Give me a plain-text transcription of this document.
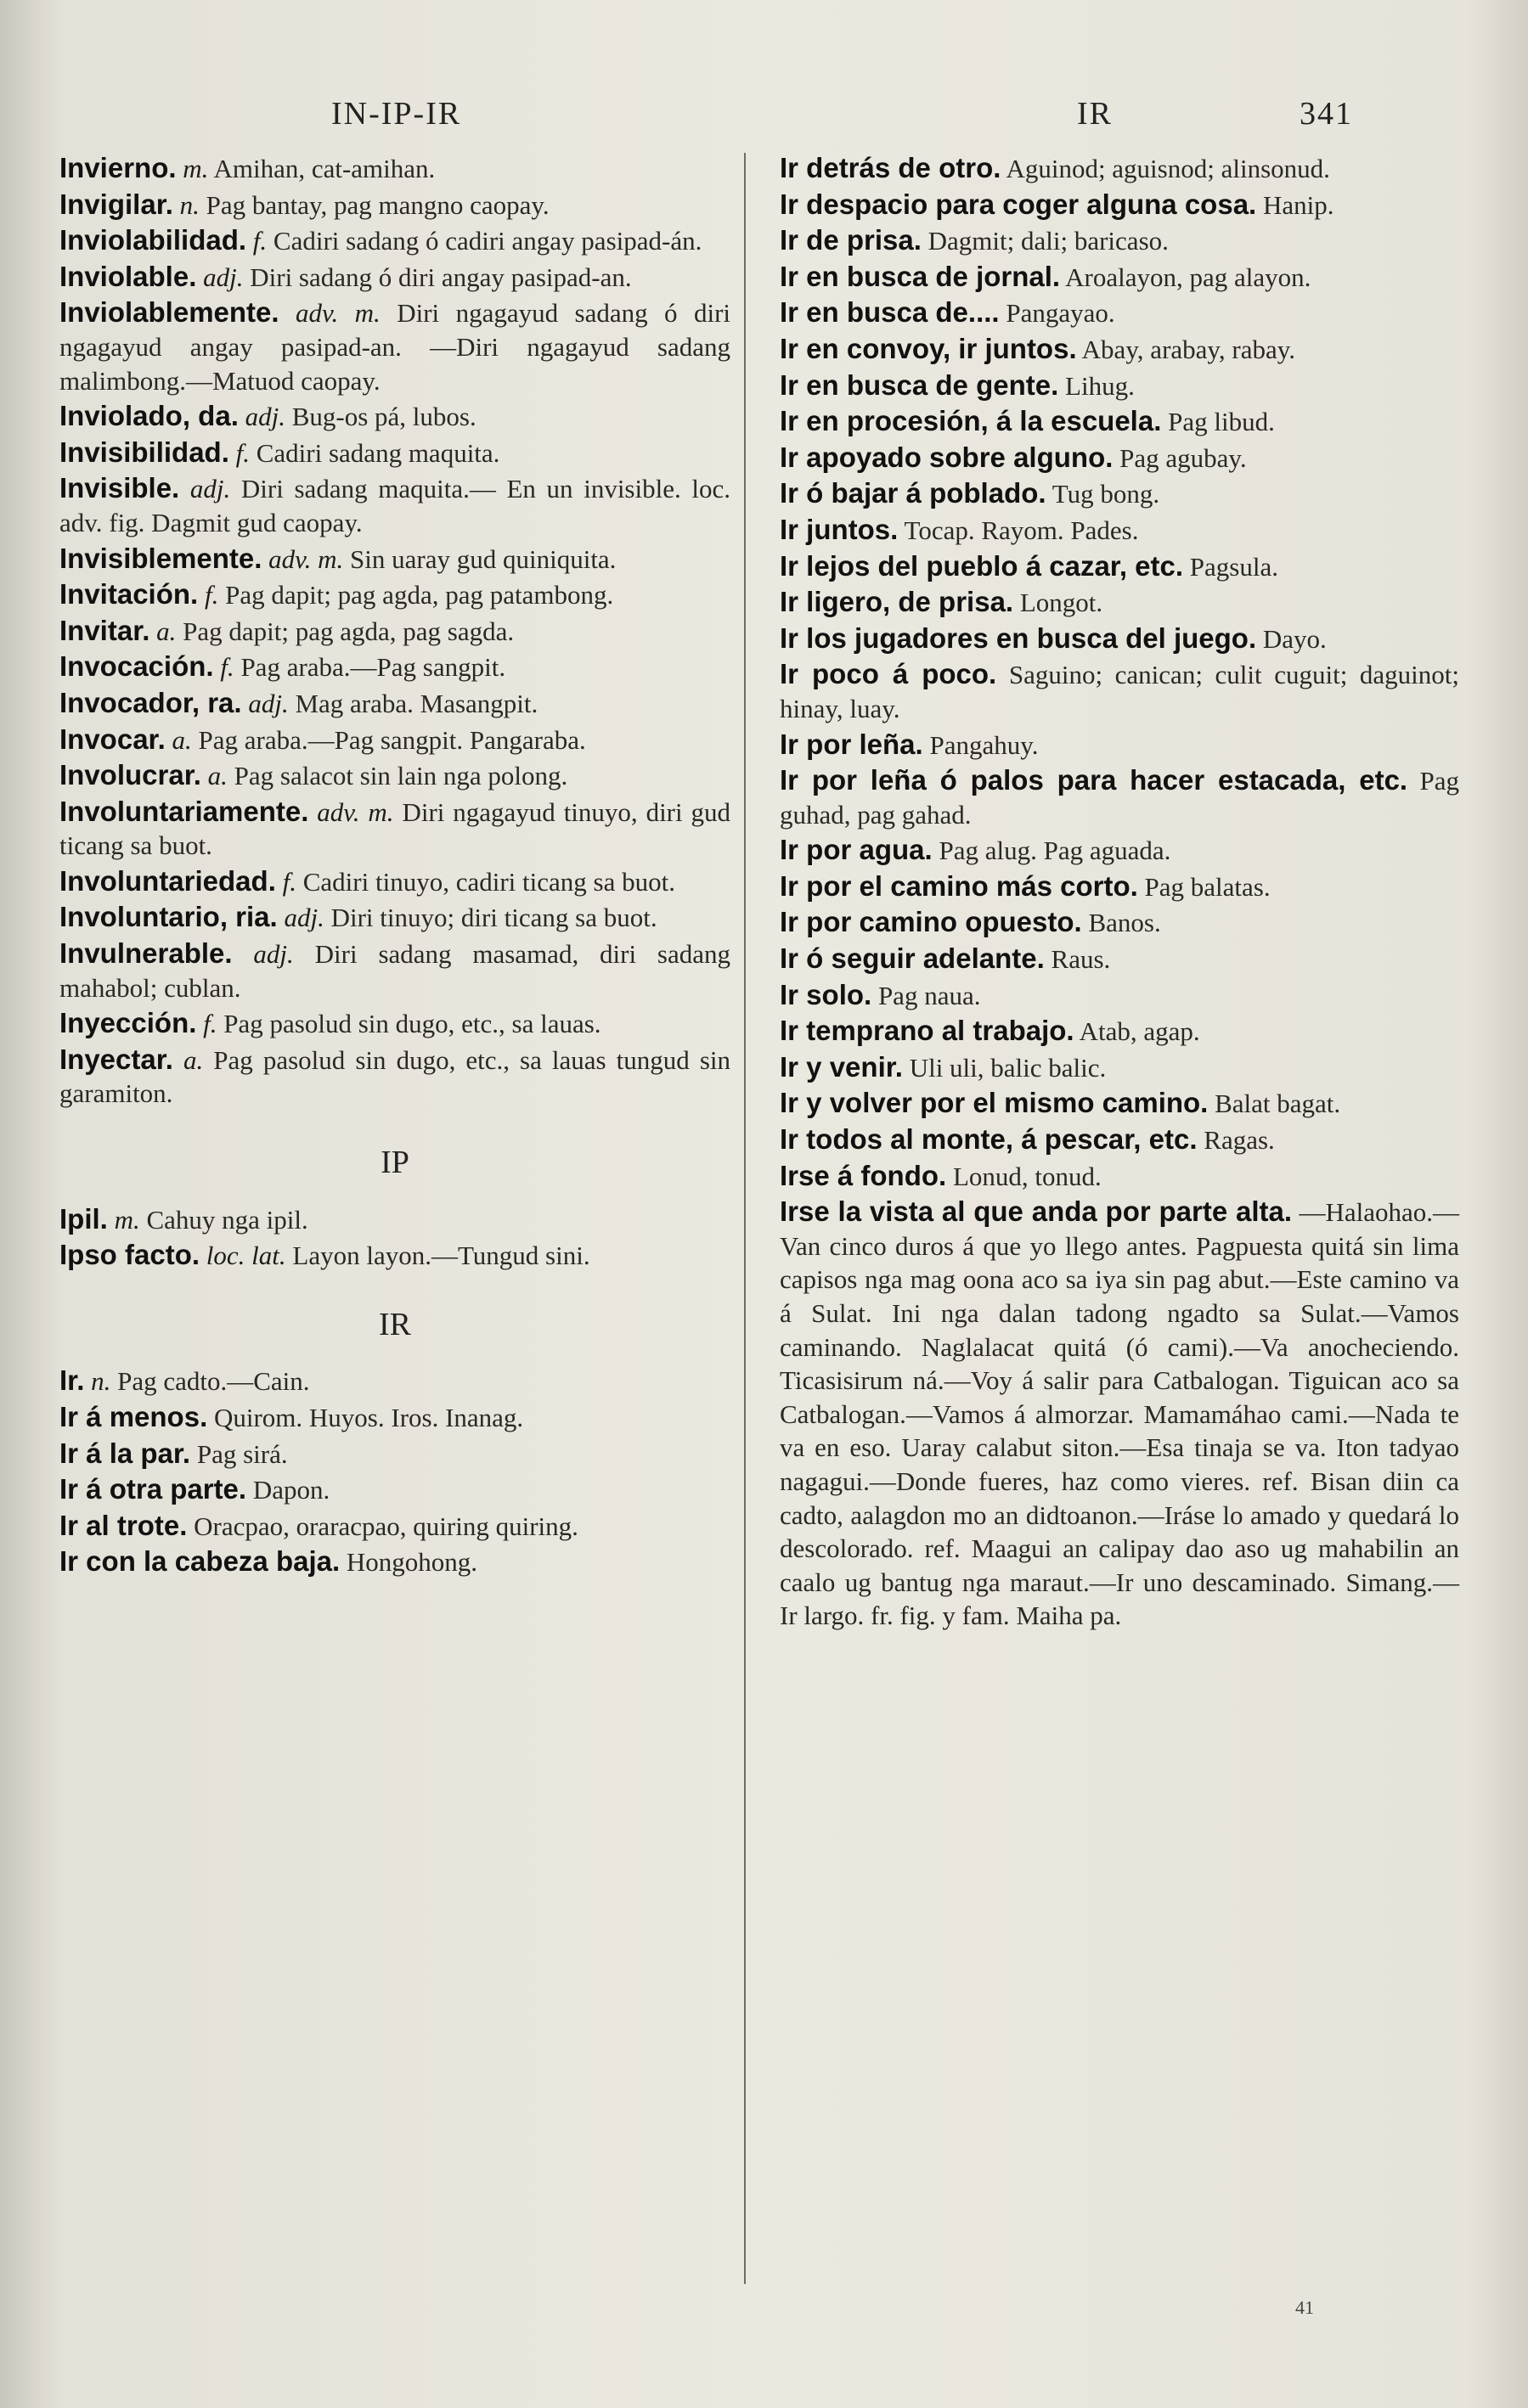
IN-IP-IR	IR	341
Invierno. m. Amihan, cat-amihan.
Invigilar. n. Pag bantay, pag mangno caopay.
Inviolabilidad. f. Cadiri sadang ó cadiri angay pasipad-án.
Inviolable. adj. Diri sadang ó diri angay pasipad-an.
Inviolablemente. adv. m. Diri ngagayud sadang ó diri ngagayud angay pasipad-an. —Diri ngagayud sadang malimbong.—Matuod caopay.
Inviolado, da. adj. Bug-os pá, lubos.
Invisibilidad. f. Cadiri sadang maquita.
Invisible. adj. Diri sadang maquita.— En un invisible. loc. adv. fig. Dagmit gud caopay.
Invisiblemente. adv. m. Sin uaray gud quiniquita.
Invitación. f. Pag dapit; pag agda, pag patambong.
Invitar. a. Pag dapit; pag agda, pag sagda.
Invocación. f. Pag araba.—Pag sangpit.
Invocador, ra. adj. Mag araba. Masangpit.
Invocar. a. Pag araba.—Pag sangpit. Pangaraba.
Involucrar. a. Pag salacot sin lain nga polong.
Involuntariamente. adv. m. Diri ngagayud tinuyo, diri gud ticang sa buot.
Involuntariedad. f. Cadiri tinuyo, cadiri ticang sa buot.
Involuntario, ria. adj. Diri tinuyo; diri ticang sa buot.
Invulnerable. adj. Diri sadang masamad, diri sadang mahabol; cublan.
Inyección. f. Pag pasolud sin dugo, etc., sa lauas.
Inyectar. a. Pag pasolud sin dugo, etc., sa lauas tungud sin garamiton.
IP
Ipil. m. Cahuy nga ipil.
Ipso facto. loc. lat. Layon layon.—Tungud sini.
IR
Ir. n. Pag cadto.—Cain.
Ir á menos. Quirom. Huyos. Iros. Inanag.
Ir á la par. Pag sirá.
Ir á otra parte. Dapon.
Ir al trote. Oracpao, oraracpao, quiring quiring.
Ir con la cabeza baja. Hongohong.
Ir detrás de otro. Aguinod; aguisnod; alinsonud.
Ir despacio para coger alguna cosa. Hanip.
Ir de prisa. Dagmit; dali; baricaso.
Ir en busca de jornal. Aroalayon, pag alayon.
Ir en busca de.... Pangayao.
Ir en convoy, ir juntos. Abay, arabay, rabay.
Ir en busca de gente. Lihug.
Ir en procesión, á la escuela. Pag libud.
Ir apoyado sobre alguno. Pag agubay.
Ir ó bajar á poblado. Tug bong.
Ir juntos. Tocap. Rayom. Pades.
Ir lejos del pueblo á cazar, etc. Pagsula.
Ir ligero, de prisa. Longot.
Ir los jugadores en busca del juego. Dayo.
Ir poco á poco. Saguino; canican; culit cuguit; daguinot; hinay, luay.
Ir por leña. Pangahuy.
Ir por leña ó palos para hacer estacada, etc. Pag guhad, pag gahad.
Ir por agua. Pag alug. Pag aguada.
Ir por el camino más corto. Pag balatas.
Ir por camino opuesto. Banos.
Ir ó seguir adelante. Raus.
Ir solo. Pag naua.
Ir temprano al trabajo. Atab, agap.
Ir y venir. Uli uli, balic balic.
Ir y volver por el mismo camino. Balat bagat.
Ir todos al monte, á pescar, etc. Ragas.
Irse á fondo. Lonud, tonud.
Irse la vista al que anda por parte alta. —Halaohao.—Van cinco duros á que yo llego antes. Pagpuesta quitá sin lima capisos nga mag oona aco sa iya sin pag abut.—Este camino va á Sulat. Ini nga dalan tadong ngadto sa Sulat.—Vamos caminando. Naglalacat quitá (ó cami).—Va anocheciendo. Ticasisirum ná.—Voy á salir para Catbalogan. Tiguican aco sa Catbalogan.—Vamos á almorzar. Mamamáhao cami.—Nada te va en eso. Uaray calabut siton.—Esa tinaja se va. Iton tadyao nagagui.—Donde fueres, haz como vieres. ref. Bisan diin ca cadto, aalagdon mo an didtoanon.—Iráse lo amado y quedará lo descolorado. ref. Maagui an calipay dao aso ug mahabilin an caalo ug bantug nga maraut.—Ir uno descaminado. Simang.— Ir largo. fr. fig. y fam. Maiha pa.
41
